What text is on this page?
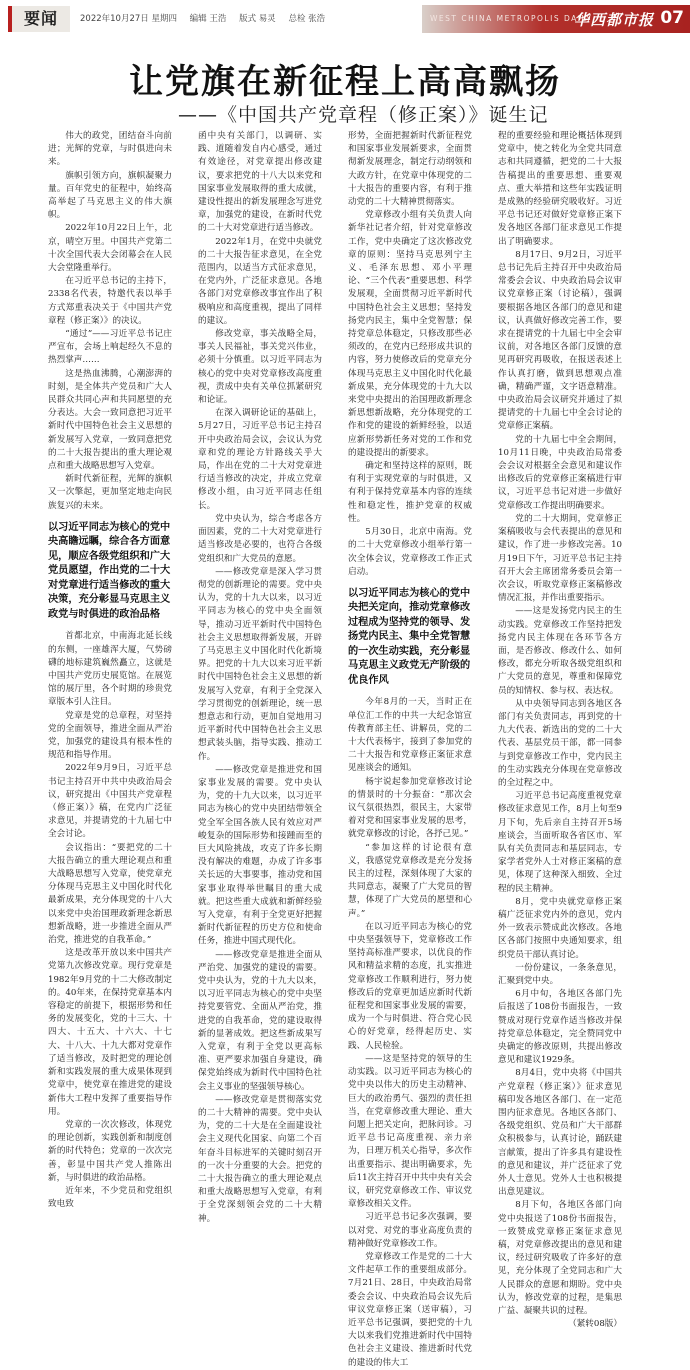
要闻	2022年10月27日 星期四 编辑 王浩 版式 易灵 总检 张浩	WEST CHINA METROPOLIS DAILY
华西都市报 07
让党旗在新征程上高高飘扬
——《中国共产党章程（修正案）》诞生记

伟大的政党，团结奋斗向前进；光辉的党章，与时俱进向未来。

旗帜引领方向，旗帜凝聚力量。百年党史的征程中，始终高高举起了马克思主义的伟大旗帜。

2022年10月22日上午，北京，晴空万里。中国共产党第二十次全国代表大会闭幕会在人民大会堂隆重举行。

在习近平总书记的主持下，2338名代表，特邀代表以举手方式郑重表决关于《中国共产党章程（修正案）》的决议。

“通过”——习近平总书记庄严宣布，会场上响起经久不息的热烈掌声……

这是热血沸腾，心潮澎湃的时刻，是全体共产党员和广大人民群众共同心声和共同愿望的充分表达。大会一致同意把习近平新时代中国特色社会主义思想的新发展写入党章，一致同意把党的二十大报告提出的重大理论观点和重大战略思想写入党章。

新时代新征程，光辉的旗帜又一次擎起，更加坚定地走向民族复兴的未来。

以习近平同志为核心的党中央高瞻远瞩，综合各方面意见，顺应各级党组织和广大党员愿望，作出党的二十大对党章进行适当修改的重大决策，充分彰显马克思主义政党与时俱进的政治品格

首都北京，中南海北延长线的东侧，一座雄浑大厦，气势磅礴的地标建筑巍然矗立，这就是中国共产党历史展览馆。在展览馆的展厅里，各个时期的珍贵党章版本引人注目。

党章是党的总章程，对坚持党的全面领导，推进全面从严治党，加强党的建设具有根本性的规范和指导作用。

2022年9月9日，习近平总书记主持召开中共中央政治局会议，研究提出《中国共产党章程（修正案）》稿，在党内广泛征求意见，并提请党的十九届七中全会讨论。

会议指出：“要把党的二十大报告确立的重大理论观点和重大战略思想写入党章，使党章充分体现马克思主义中国化时代化最新成果，充分体现党的十八大以来党中央治国理政新理念新思想新战略，进一步推进全面从严治党，推进党的自我革命。”

这是改革开放以来中国共产党第九次修改党章。现行党章是1982年9月党的十二大修改制定的。40年来，在保持党章基本内容稳定的前提下，根据形势和任务的发展变化，党的十三大、十四大、十五大、十六大、十七大、十八大、十九大都对党章作了适当修改，及时把党的理论创新和实践发展的重大成果体现到党章中，使党章在推进党的建设新伟大工程中发挥了重要指导作用。

党章的一次次修改，体现党的理论创新，实践创新和制度创新的时代特色；党章的一次次完善，彰显中国共产党人推陈出新，与时俱进的政治品格。

近年来，不少党员和党组织致电致

函中央有关部门，以调研、实践、道随着发自内心感受，通过有效途径，对党章提出修改建议，要求把党的十八大以来党和国家事业发展取得的重大成就，建设性提出的新发展理念写进党章，加强党的建设，在新时代党的二十大对党章进行适当修改。

2022年1月，在党中央就党的二十大报告征求意见，在全党范围内，以适当方式征求意见，在党内外，广泛征求意见。各地各部门对党章修改事宜作出了积极响应和高度重视，提出了同样的建议。

修改党章，事关战略全局，事关人民福祉，事关党兴伟业，必须十分慎重。以习近平同志为核心的党中央对党章修改高度重视，责成中央有关单位抓紧研究和论证。

在深入调研论证的基础上，5月27日，习近平总书记主持召开中央政治局会议，会议认为党章和党的理论方针路线关乎大局，作出在党的二十大对党章进行适当修改的决定，并成立党章修改小组，由习近平同志任组长。

党中央认为，综合考虑各方面因素，党的二十大对党章进行适当修改是必要的，也符合各级党组织和广大党员的意愿。

——修改党章是深入学习贯彻党的创新理论的需要。党中央认为，党的十九大以来，以习近平同志为核心的党中央全面领导，推动习近平新时代中国特色社会主义思想取得新发展，开辟了马克思主义中国化时代化新境界。把党的十九大以来习近平新时代中国特色社会主义思想的新发展写入党章，有利于全党深入学习贯彻党的创新理论，统一思想意志和行动，更加自觉地用习近平新时代中国特色社会主义思想武装头脑，指导实践、推动工作。

——修改党章是推进党和国家事业发展的需要。党中央认为，党的十九大以来，以习近平同志为核心的党中央团结带领全党全军全国各族人民有效应对严峻复杂的国际形势和接踵而至的巨大风险挑战，攻克了许多长期没有解决的难题，办成了许多事关长远的大事要事，推动党和国家事业取得举世瞩目的重大成就。把这些重大成就和新鲜经验写入党章，有利于全党更好把握新时代新征程的历史方位和使命任务，推进中国式现代化。

——修改党章是推进全面从严治党、加强党的建设的需要。党中央认为，党的十九大以来，以习近平同志为核心的党中央坚持党要管党、全面从严治党，推进党的自我革命，党的建设取得新的显著成效。把这些新成果写入党章，有利于全党以更高标准、更严要求加强自身建设，确保党始终成为新时代中国特色社会主义事业的坚强领导核心。

——修改党章是贯彻落实党的二十大精神的需要。党中央认为，党的二十大是在全面建设社会主义现代化国家、向第二个百年奋斗目标进军的关键时刻召开的一次十分重要的大会。把党的二十大报告确立的重大理论观点和重大战略思想写入党章，有利于全党深刻领会党的二十大精神。

形势，全面把握新时代新征程党和国家事业发展新要求，全面贯彻新发展理念，制定行动纲领和大政方针，在党章中体现党的二十大报告的重要内容，有利于推动党的二十大精神贯彻落实。

党章修改小组有关负责人向新华社记者介绍，针对党章修改工作，党中央确定了这次修改党章的原则：坚持马克思列宁主义、毛泽东思想、邓小平理论、“三个代表”重要思想、科学发展观，全面贯彻习近平新时代中国特色社会主义思想；坚持发扬党内民主，集中全党智慧；保持党章总体稳定，只修改那些必须改的，在党内已经形成共识的内容，努力使修改后的党章充分体现马克思主义中国化时代化最新成果，充分体现党的十九大以来党中央提出的治国理政新理念新思想新战略，充分体现党的工作和党的建设的新鲜经验，以适应新形势新任务对党的工作和党的建设提出的新要求。

确定和坚持这样的原则，既有利于实现党章的与时俱进，又有利于保持党章基本内容的连续性和稳定性，推护党章的权威性。

5月30日，北京中南海。党的二十大党章修改小组举行第一次全体会议，党章修改工作正式启动。

以习近平同志为核心的党中央把关定向，推动党章修改过程成为坚持党的领导、发扬党内民主、集中全党智慧的一次生动实践，充分彰显马克思主义政党无产阶级的优良作风

今年8月的一天，当时正在单位汇工作的中共一大纪念馆宣传教育部主任、讲解员，党的二十大代表杨宇，接到了参加党的二十大报告和党章修正案征求意见座谈会的通知。

杨宇说起参加党章修改讨论的情景时的十分振奋：“那次会议气氛很热烈，很民主，大家带着对党和国家事业发展的思考，就党章修改的讨论，各抒己见。”

“参加这样的讨论很有意义，我感觉党章修改是充分发扬民主的过程，深刻体现了大家的共同意志，凝聚了广大党员的智慧，体现了广大党员的愿望和心声。”

在以习近平同志为核心的党中央坚强领导下，党章修改工作坚持高标准严要求，以优良的作风和精益求精的态度，扎实推进党章修改工作顺利进行，努力使修改后的党章更加适应新时代新征程党和国家事业发展的需要，成为一个与时俱进、符合党心民心的好党章，经得起历史、实践、人民检验。

——这是坚持党的领导的生动实践。以习近平同志为核心的党中央以伟大的历史主动精神、巨大的政治勇气、强烈的责任担当，在党章修改重大理论、重大问题上把关定向，把脉问诊。习近平总书记高度重视、亲力亲为，日理万机关心指导，多次作出重要指示、提出明确要求，先后11次主持召开中共中央有关会议，研究党章修改工作、审议党章修改相关文件。

习近平总书记多次强调，要以对党、对党的事业高度负责的精神做好党章修改工作。

党章修改工作是党的二十大文件起草工作的重要组成部分。7月21日、28日，中央政治局常委会会议、中央政治局会议先后审议党章修正案（送审稿），习近平总书记强调，要把党的十九大以来我们党推进新时代中国特色社会主义建设、推进新时代党的建设的伟大工

程的重要经验和理论概括体现到党章中，使之转化为全党共同意志和共同遵循，把党的二十大报告稿提出的重要思想、重要观点、重大举措和这些年实践证明是成熟的经验研究吸收好。习近平总书记还对做好党章修正案下发各地区各部门征求意见工作提出了明确要求。

8月17日、9月2日，习近平总书记先后主持召开中央政治局常委会会议、中央政治局会议审议党章修正案（讨论稿），强调要根据各地区各部门的意见和建议，认真做好修改完善工作，要求在提请党的十九届七中全会审议前，对各地区各部门反馈的意见再研究再吸收，在报送表述上作认真打磨，做到思想观点准确，精确严谨，文字语意精准。中央政治局会议研究并通过了拟提请党的十九届七中全会讨论的党章修正案稿。

党的十九届七中全会期间，10月11日晚，中央政治局常委会会议对根据全会意见和建议作出修改后的党章修正案稿进行审议，习近平总书记对进一步做好党章修改工作提出明确要求。

党的二十大期间，党章修正案稿吸收与会代表提出的意见和建议，作了进一步修改完善。10月19日下午，习近平总书记主持召开大会主席团常务委员会第一次会议，听取党章修正案稿修改情况汇报，并作出重要指示。

——这是发扬党内民主的生动实践。党章修改工作坚持把发扬党内民主体现在各环节各方面，是否修改、修改什么、如何修改，都充分听取各级党组织和广大党员的意见，尊重和保障党员的知情权、参与权、表达权。

从中央领导同志到各地区各部门有关负责同志，再到党的十九大代表、新选出的党的二十大代表、基层党员干部，都一同参与到党章修改工作中，党内民主的生动实践充分体现在党章修改的全过程之中。

习近平总书记高度重视党章修改征求意见工作，8月上旬至9月下旬，先后亲自主持召开5场座谈会，当面听取各省区市、军队有关负责同志和基层同志，专家学者党外人士对修正案稿的意见，体现了这种深入细致、全过程的民主精神。

8月，党中央就党章修正案稿广泛征求党内外的意见，党内外一致表示赞成此次修改。各地区各部门按照中央通知要求，组织党员干部认真讨论。

一份份建议，一条条意见，汇聚到党中央。

6月中旬，各地区各部门先后报送了108份书面报告，一致赞成对现行党章作适当修改并保持党章总体稳定，完全赞同党中央确定的修改原则，共提出修改意见和建议1929条。

8月4日，党中央将《中国共产党章程（修正案）》征求意见稿印发各地区各部门、在一定范围内征求意见。各地区各部门、各级党组织、党员和广大干部群众积极参与，认真讨论，踊跃建言献策，提出了许多具有建设性的意见和建议，并广泛征求了党外人士意见。党外人士也积极提出意见建议。

8月下旬，各地区各部门向党中央报送了108份书面报告，一致赞成党章修正案征求意见稿，对党章修改提出的意见和建议，经过研究吸收了许多好的意见，充分体现了全党同志和广大人民群众的意愿和期盼。党中央认为，修改党章的过程，是集思广益、凝聚共识的过程。

（紧转08版）
